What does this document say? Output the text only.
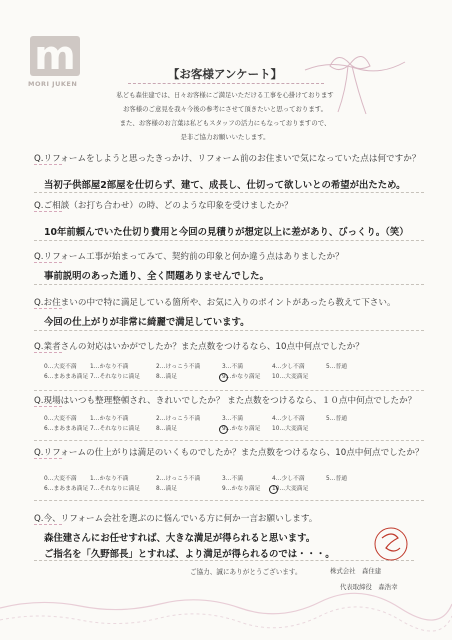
m
MORI JUKEN
【お客様アンケート】
私ども森住建では、日々お客様にご満足いただける工事を心掛けております
お客様のご意見を我々今後の参考にさせて頂きたいと思っております。
また、お客様のお言葉は私どもスタッフの活力にもなっておりますので、
是非ご協力お願いいたします。
Q.リフォームをしようと思ったきっかけ、リフォーム前のお住まいで気になっていた点は何ですか？
当初子供部屋2部屋を仕切らず、建て、成長し、仕切って欲しいとの希望が出たため。
Q.ご相談（お打ち合わせ）の時、どのような印象を受けましたか？
10年前頼んでいた仕切り費用と今回の見積りが想定以上に差があり、びっくり。（笑）
Q.リフォーム工事が始まってみて、契約前の印象と何か違う点はありましたか？
事前説明のあった通り、全く問題ありませんでした。
Q.お住まいの中で特に満足している箇所や、お気に入りのポイントがあったら教えて下さい。
今回の仕上がりが非常に綺麗で満足しています。
Q.業者さんの対応はいかがでしたか？また点数をつけるなら、10点中何点でしたか？
0…大変不満 1…かなり不満	2…けっこう不満	3…不満	4…少し不満	5…普通
6…まあまあ満足 7…それなりに満足	8…満足	9…かなり満足 10…大変満足
Q.現場はいつも整理整頓され、きれいでしたか？ また点数をつけるなら、１０点中何点でしたか？
0…大変不満 1…かなり不満	2…けっこう不満	3…不満	4…少し不満	5…普通
6…まあまあ満足 7…それなりに満足	8…満足	9…かなり満足 10…大変満足
Q.リフォームの仕上がりは満足のいくものでしたか？また点数をつけるなら、10点中何点でしたか？
0…大変不満 1…かなり不満	2…けっこう不満	3…不満	4…少し不満	5…普通
6…まあまあ満足 7…それなりに満足	8…満足	9…かなり満足 10…大変満足
Q.今、リフォーム会社を選ぶのに悩んでいる方に何か一言お願いします。
森住建さんにお任せすれば、大きな満足が得られると思います。
ご指名を「久野部長」とすれば、より満足が得られるのでは・・・。
ご協力、誠にありがとうございます。	株式会社　森住建
代表取締役　森浩幸
